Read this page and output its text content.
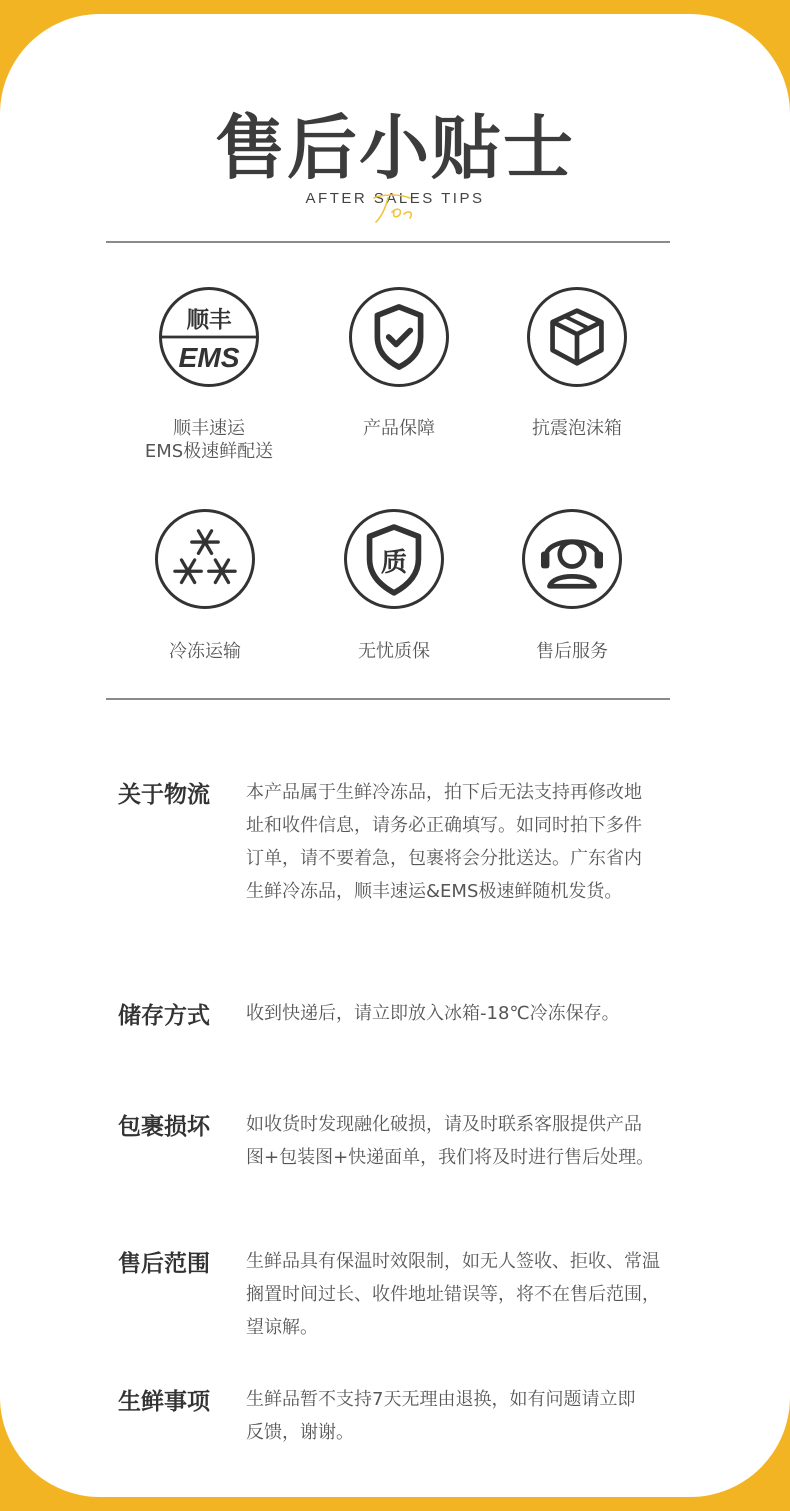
售后小贴士
AFTER SALES TIPS
顺丰
EMS
顺丰速运
EMS极速鲜配送
产品保障	抗震泡沫箱
冷冻运输
质
无忧质保	售后服务
关于物流 本产品属于生鲜冷冻品，拍下后无法支持再修改地
址和收件信息，请务必正确填写。如同时拍下多件
订单，请不要着急，包裹将会分批送达。广东省内
生鲜冷冻品，顺丰速运&EMS极速鲜随机发货。
储存方式 收到快递后，请立即放入冰箱-18℃冷冻保存。
包裹损坏 如收货时发现融化破损，请及时联系客服提供产品
图+包装图+快递面单，我们将及时进行售后处理。
售后范围 生鲜品具有保温时效限制，如无人签收、拒收、常温
搁置时间过长、收件地址错误等，将不在售后范围，
望谅解。
生鲜事项 生鲜品暂不支持7天无理由退换，如有问题请立即
反馈，谢谢。
